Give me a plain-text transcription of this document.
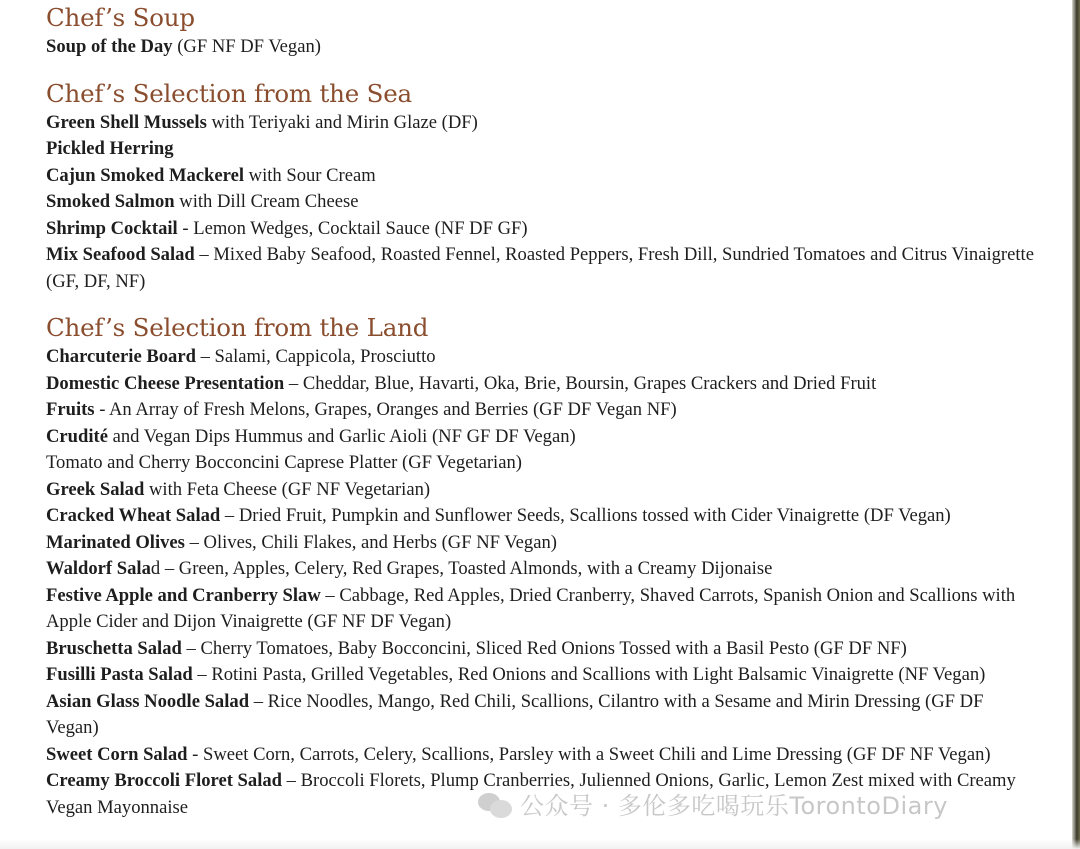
Chef’s Soup
Soup of the Day (GF NF DF Vegan)
Chef’s Selection from the Sea
Green Shell Mussels with Teriyaki and Mirin Glaze (DF)
Pickled Herring
Cajun Smoked Mackerel with Sour Cream
Smoked Salmon with Dill Cream Cheese
Shrimp Cocktail - Lemon Wedges, Cocktail Sauce (NF DF GF)
Mix Seafood Salad – Mixed Baby Seafood, Roasted Fennel, Roasted Peppers, Fresh Dill, Sundried Tomatoes and Citrus Vinaigrette (GF, DF, NF)
Chef’s Selection from the Land
Charcuterie Board – Salami, Cappicola, Prosciutto
Domestic Cheese Presentation – Cheddar, Blue, Havarti, Oka, Brie, Boursin, Grapes Crackers and Dried Fruit
Fruits - An Array of Fresh Melons, Grapes, Oranges and Berries (GF DF Vegan NF)
Crudité and Vegan Dips Hummus and Garlic Aioli (NF GF DF Vegan)
Tomato and Cherry Bocconcini Caprese Platter (GF Vegetarian)
Greek Salad with Feta Cheese (GF NF Vegetarian)
Cracked Wheat Salad – Dried Fruit, Pumpkin and Sunflower Seeds, Scallions tossed with Cider Vinaigrette (DF Vegan)
Marinated Olives – Olives, Chili Flakes, and Herbs (GF NF Vegan)
Waldorf Salad – Green, Apples, Celery, Red Grapes, Toasted Almonds, with a Creamy Dijonaise
Festive Apple and Cranberry Slaw – Cabbage, Red Apples, Dried Cranberry, Shaved Carrots, Spanish Onion and Scallions with Apple Cider and Dijon Vinaigrette (GF NF DF Vegan)
Bruschetta Salad – Cherry Tomatoes, Baby Bocconcini, Sliced Red Onions Tossed with a Basil Pesto (GF DF NF)
Fusilli Pasta Salad – Rotini Pasta, Grilled Vegetables, Red Onions and Scallions with Light Balsamic Vinaigrette (NF Vegan)
Asian Glass Noodle Salad – Rice Noodles, Mango, Red Chili, Scallions, Cilantro with a Sesame and Mirin Dressing (GF DF Vegan)
Sweet Corn Salad - Sweet Corn, Carrots, Celery, Scallions, Parsley with a Sweet Chili and Lime Dressing (GF DF NF Vegan)
Creamy Broccoli Floret Salad – Broccoli Florets, Plump Cranberries, Julienned Onions, Garlic, Lemon Zest mixed with Creamy Vegan Mayonnaise	公众号 · 多伦多吃喝玩乐TorontoDiary
